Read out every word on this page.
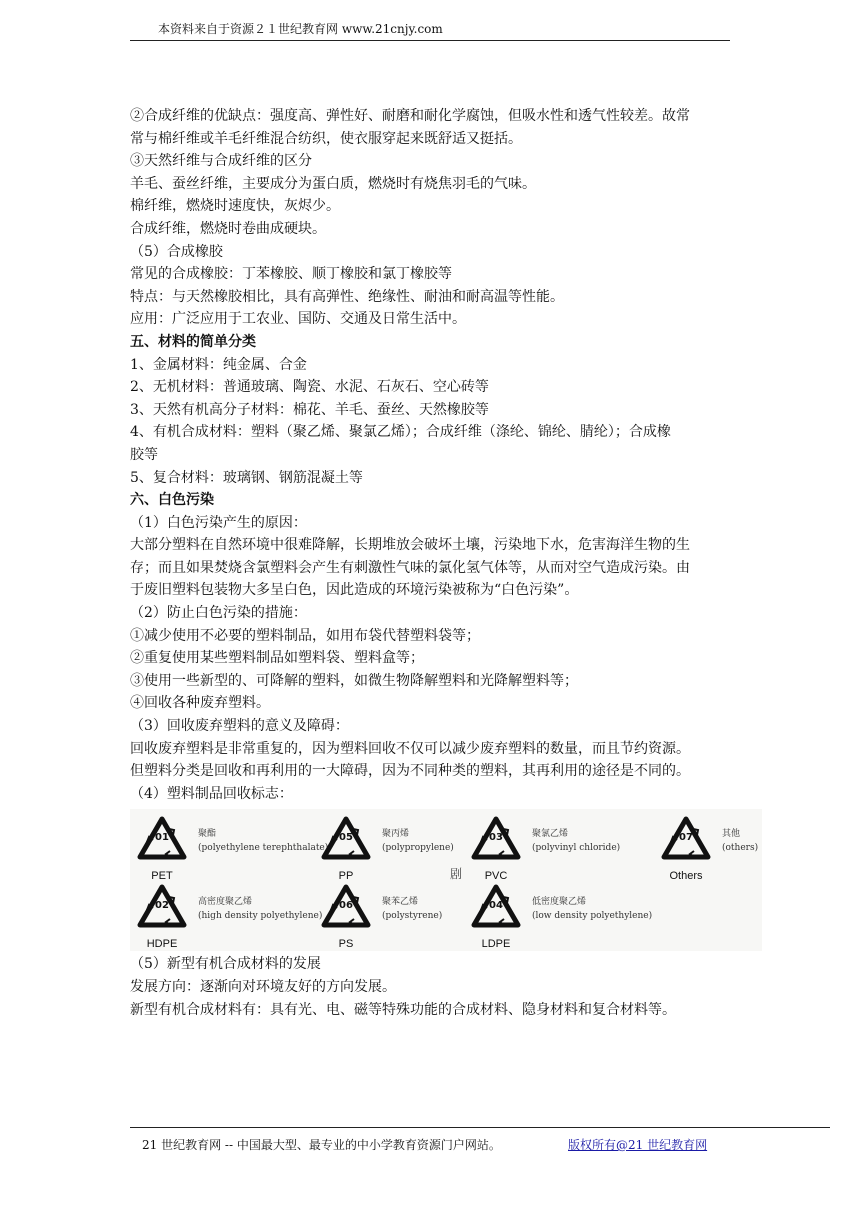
本资料来自于资源２１世纪教育网 www.21cnjy.com

②合成纤维的优缺点：强度高、弹性好、耐磨和耐化学腐蚀，但吸水性和透气性较差。故常

常与棉纤维或羊毛纤维混合纺织，使衣服穿起来既舒适又挺括。

③天然纤维与合成纤维的区分

羊毛、蚕丝纤维，主要成分为蛋白质，燃烧时有烧焦羽毛的气味。

棉纤维，燃烧时速度快，灰烬少。

合成纤维，燃烧时卷曲成硬块。

（5）合成橡胶

常见的合成橡胶：丁苯橡胶、顺丁橡胶和氯丁橡胶等

特点：与天然橡胶相比，具有高弹性、绝缘性、耐油和耐高温等性能。

应用：广泛应用于工农业、国防、交通及日常生活中。

五、材料的简单分类

1、金属材料：纯金属、合金

2、无机材料：普通玻璃、陶瓷、水泥、石灰石、空心砖等

3、天然有机高分子材料：棉花、羊毛、蚕丝、天然橡胶等

4、有机合成材料：塑料（聚乙烯、聚氯乙烯）；合成纤维（涤纶、锦纶、腈纶）；合成橡

胶等

5、复合材料：玻璃钢、钢筋混凝土等

六、白色污染

（1）白色污染产生的原因：

大部分塑料在自然环境中很难降解，长期堆放会破坏土壤，污染地下水，危害海洋生物的生

存；而且如果焚烧含氯塑料会产生有刺激性气味的氯化氢气体等，从而对空气造成污染。由

于废旧塑料包装物大多呈白色，因此造成的环境污染被称为“白色污染”。

（2）防止白色污染的措施：

①减少使用不必要的塑料制品，如用布袋代替塑料袋等；

②重复使用某些塑料制品如塑料袋、塑料盒等；

③使用一些新型的、可降解的塑料，如微生物降解塑料和光降解塑料等；

④回收各种废弃塑料。

（3）回收废弃塑料的意义及障碍：

回收废弃塑料是非常重复的，因为塑料回收不仅可以减少废弃塑料的数量，而且节约资源。

但塑料分类是回收和再利用的一大障碍，因为不同种类的塑料，其再利用的途径是不同的。

（4）塑料制品回收标志：

剧
01
PET
聚酯
(polyethylene terephthalate)
05
PP
聚丙烯
(polypropylene)
03
PVC
聚氯乙烯
(polyvinyl chloride)
07
Others
其他
(others)
02
HDPE
高密度聚乙烯
(high density polyethylene)
06
PS
聚苯乙烯
(polystyrene)
04
LDPE
低密度聚乙烯
(low density polyethylene)

（5）新型有机合成材料的发展

发展方向：逐渐向对环境友好的方向发展。

新型有机合成材料有：具有光、电、磁等特殊功能的合成材料、隐身材料和复合材料等。

21 世纪教育网 -- 中国最大型、最专业的中小学教育资源门户网站。	版权所有@21 世纪教育网
